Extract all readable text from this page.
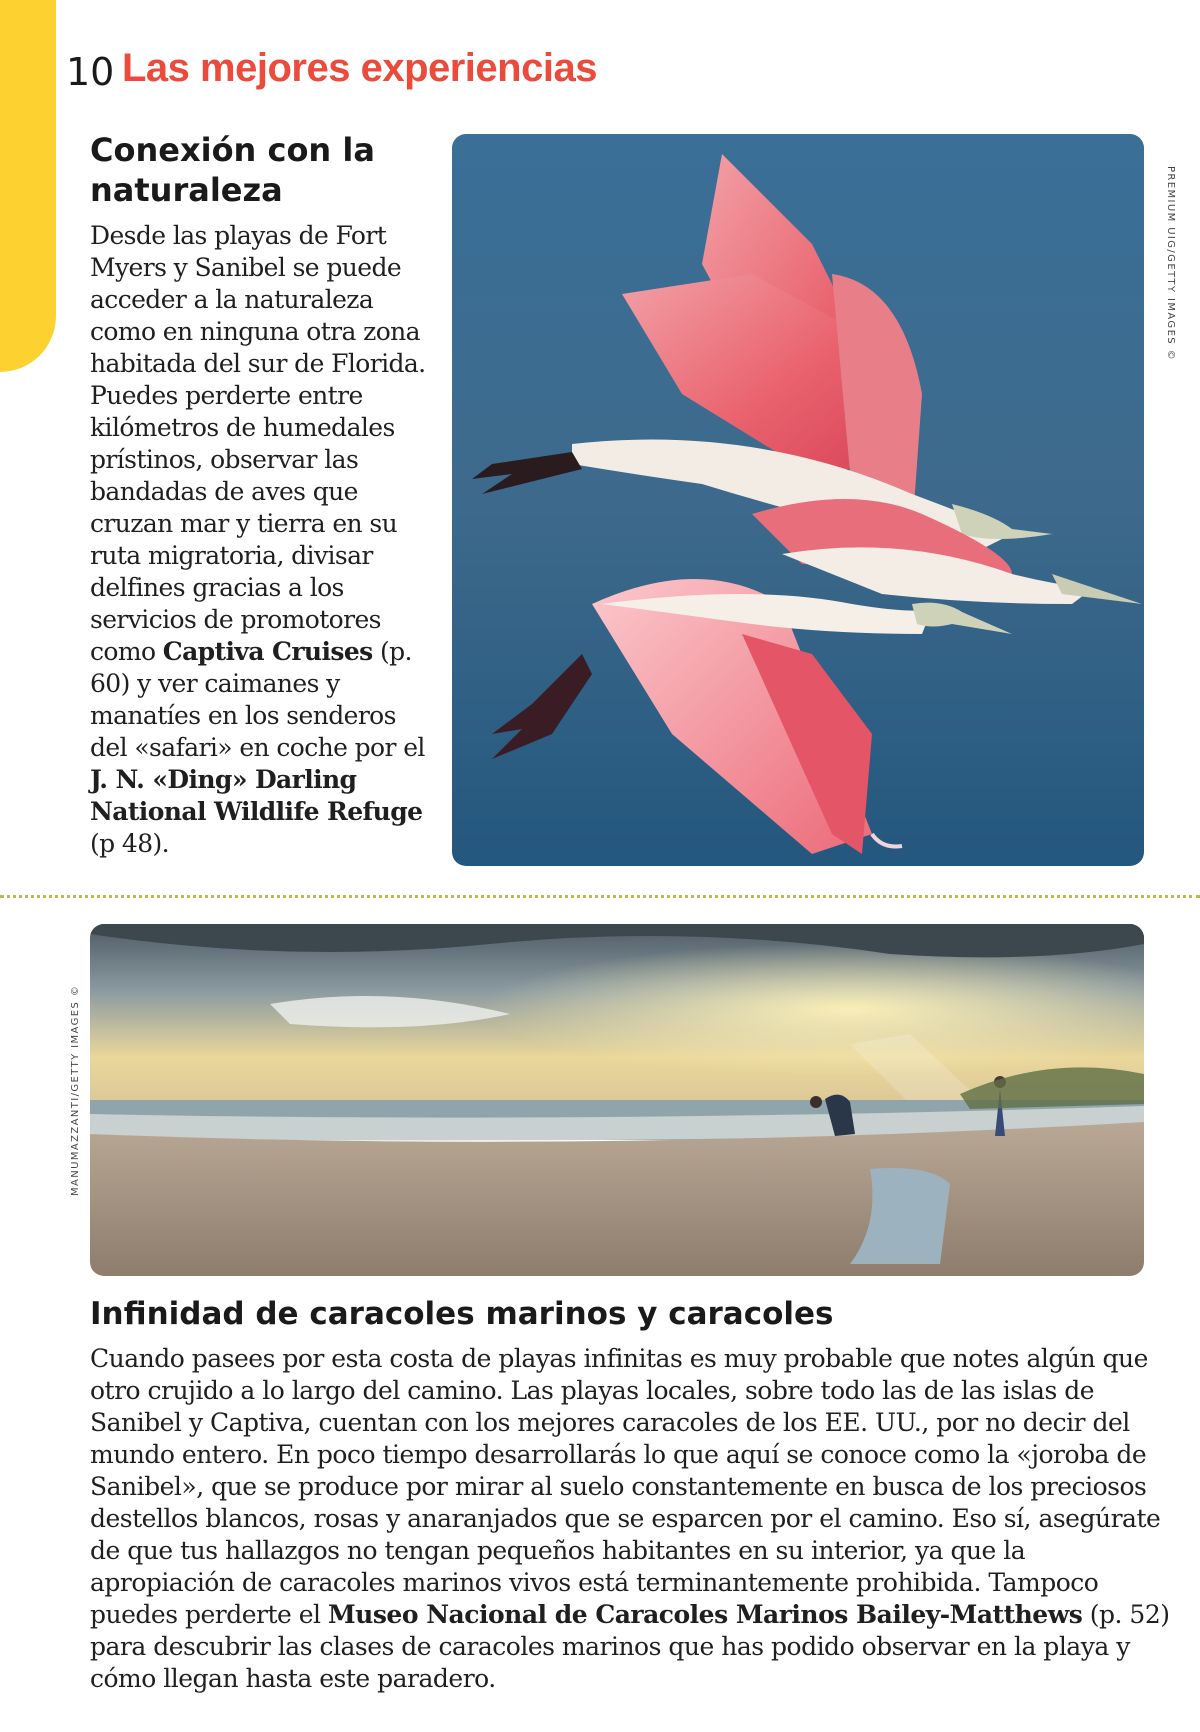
10 Las mejores experiencias
Conexión con la naturaleza

Desde las playas de Fort Myers y Sanibel se puede acceder a la naturaleza como en ninguna otra zona habitada del sur de Florida. Puedes perderte entre kilómetros de humedales prístinos, observar las bandadas de aves que cruzan mar y tierra en su ruta migratoria, divisar delfines gracias a los servicios de promotores como Captiva Cruises (p. 60) y ver caimanes y manatíes en los senderos del «safari» en coche por el J. N. «Ding» Darling National Wildlife Refuge (p 48).

PREMIUM UIG/GETTY IMAGES ©
MANUMAZZANTI/GETTY IMAGES ©
Infinidad de caracoles marinos y caracoles

Cuando pasees por esta costa de playas infinitas es muy probable que notes algún que otro crujido a lo largo del camino. Las playas locales, sobre todo las de las islas de Sanibel y Captiva, cuentan con los mejores caracoles de los EE. UU., por no decir del mundo entero. En poco tiempo desarrollarás lo que aquí se conoce como la «joroba de Sanibel», que se produce por mirar al suelo constantemente en busca de los preciosos destellos blancos, rosas y anaranjados que se esparcen por el camino. Eso sí, asegúrate de que tus hallazgos no tengan pequeños habitantes en su interior, ya que la apropiación de caracoles marinos vivos está terminantemente prohibida. Tampoco puedes perderte el Museo Nacional de Caracoles Marinos Bailey-Matthews (p. 52) para descubrir las clases de caracoles marinos que has podido observar en la playa y cómo llegan hasta este paradero.
